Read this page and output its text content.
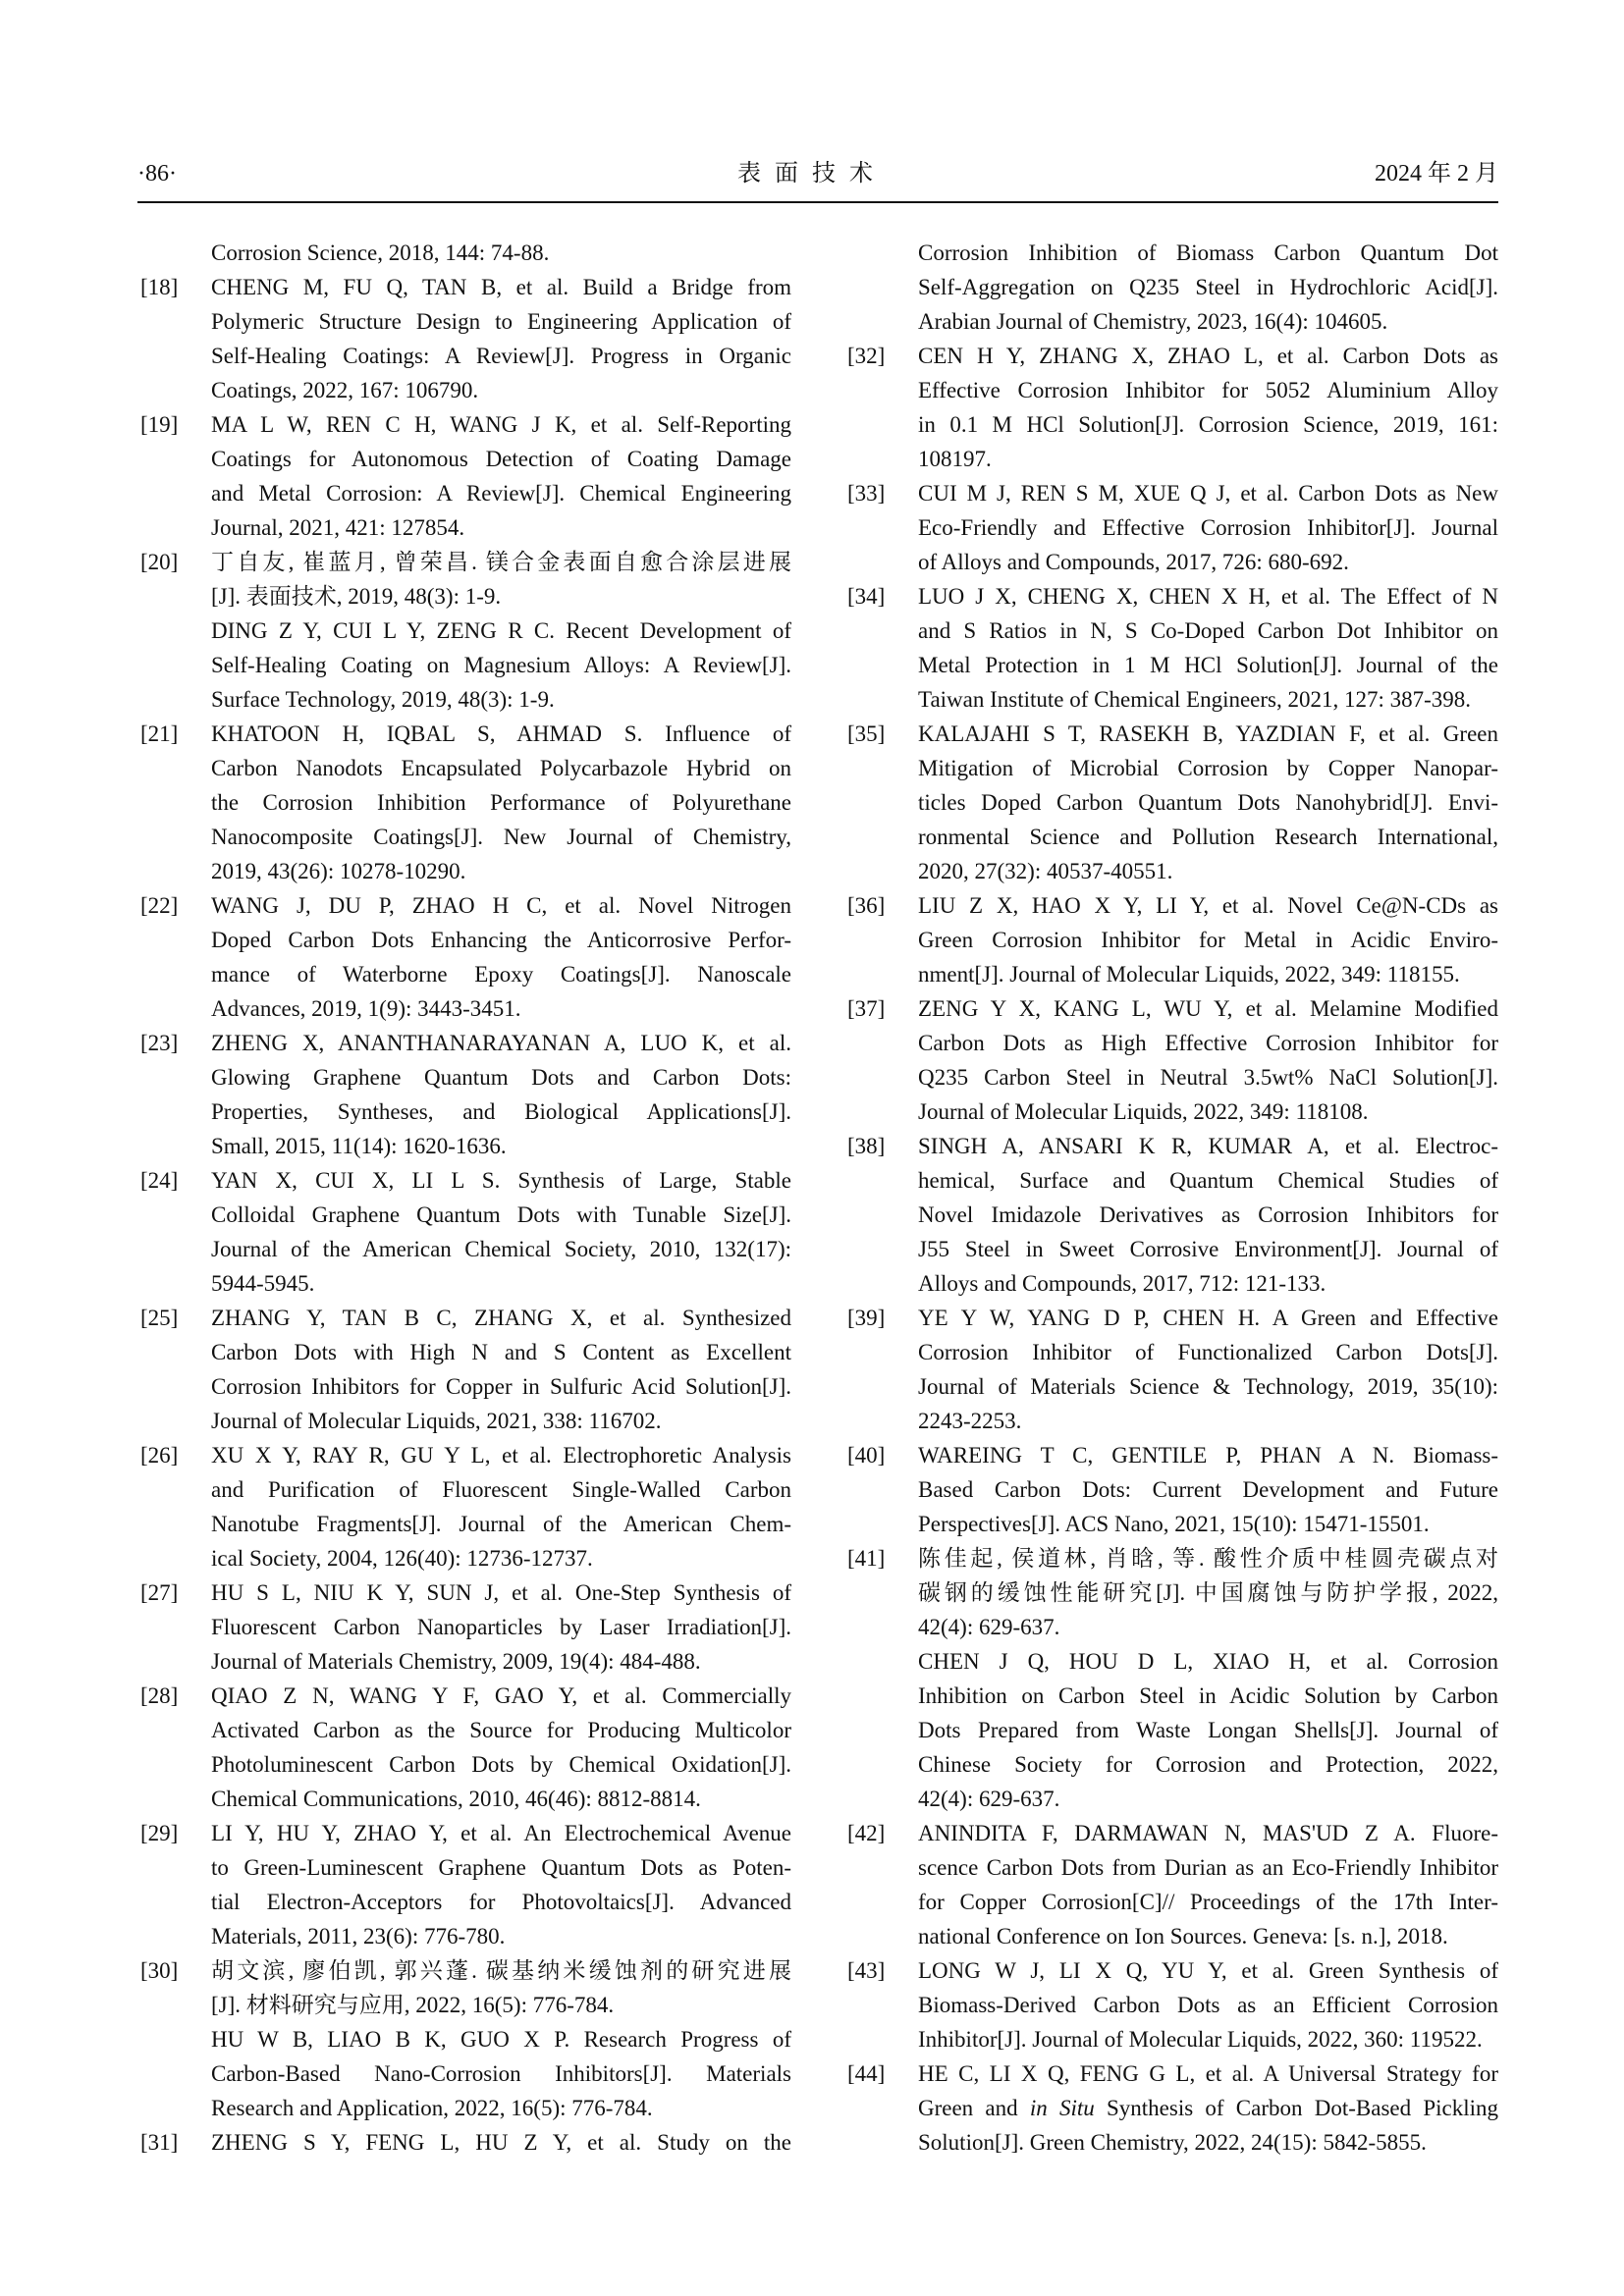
·86·	表面技术	2024 年 2 月
Corrosion Science, 2018, 144: 74-88.
[18] CHENG M, FU Q, TAN B, et al. Build a Bridge from
Polymeric Structure Design to Engineering Application of
Self-Healing Coatings: A Review[J]. Progress in Organic
Coatings, 2022, 167: 106790.
[19] MA L W, REN C H, WANG J K, et al. Self-Reporting
Coatings for Autonomous Detection of Coating Damage
and Metal Corrosion: A Review[J]. Chemical Engineering
Journal, 2021, 421: 127854.
[20] 丁自友, 崔蓝月, 曾荣昌. 镁合金表面自愈合涂层进展
[J]. 表面技术, 2019, 48(3): 1-9.
DING Z Y, CUI L Y, ZENG R C. Recent Development of
Self-Healing Coating on Magnesium Alloys: A Review[J].
Surface Technology, 2019, 48(3): 1-9.
[21] KHATOON H, IQBAL S, AHMAD S. Influence of
Carbon Nanodots Encapsulated Polycarbazole Hybrid on
the Corrosion Inhibition Performance of Polyurethane
Nanocomposite Coatings[J]. New Journal of Chemistry,
2019, 43(26): 10278-10290.
[22] WANG J, DU P, ZHAO H C, et al. Novel Nitrogen
Doped Carbon Dots Enhancing the Anticorrosive Perfor-
mance of Waterborne Epoxy Coatings[J]. Nanoscale
Advances, 2019, 1(9): 3443-3451.
[23] ZHENG X, ANANTHANARAYANAN A, LUO K, et al.
Glowing Graphene Quantum Dots and Carbon Dots:
Properties, Syntheses, and Biological Applications[J].
Small, 2015, 11(14): 1620-1636.
[24] YAN X, CUI X, LI L S. Synthesis of Large, Stable
Colloidal Graphene Quantum Dots with Tunable Size[J].
Journal of the American Chemical Society, 2010, 132(17):
5944-5945.
[25] ZHANG Y, TAN B C, ZHANG X, et al. Synthesized
Carbon Dots with High N and S Content as Excellent
Corrosion Inhibitors for Copper in Sulfuric Acid Solution[J].
Journal of Molecular Liquids, 2021, 338: 116702.
[26] XU X Y, RAY R, GU Y L, et al. Electrophoretic Analysis
and Purification of Fluorescent Single-Walled Carbon
Nanotube Fragments[J]. Journal of the American Chem-
ical Society, 2004, 126(40): 12736-12737.
[27] HU S L, NIU K Y, SUN J, et al. One-Step Synthesis of
Fluorescent Carbon Nanoparticles by Laser Irradiation[J].
Journal of Materials Chemistry, 2009, 19(4): 484-488.
[28] QIAO Z N, WANG Y F, GAO Y, et al. Commercially
Activated Carbon as the Source for Producing Multicolor
Photoluminescent Carbon Dots by Chemical Oxidation[J].
Chemical Communications, 2010, 46(46): 8812-8814.
[29] LI Y, HU Y, ZHAO Y, et al. An Electrochemical Avenue
to Green-Luminescent Graphene Quantum Dots as Poten-
tial Electron-Acceptors for Photovoltaics[J]. Advanced
Materials, 2011, 23(6): 776-780.
[30] 胡文滨, 廖伯凯, 郭兴蓬. 碳基纳米缓蚀剂的研究进展
[J]. 材料研究与应用, 2022, 16(5): 776-784.
HU W B, LIAO B K, GUO X P. Research Progress of
Carbon-Based Nano-Corrosion Inhibitors[J]. Materials
Research and Application, 2022, 16(5): 776-784.
[31] ZHENG S Y, FENG L, HU Z Y, et al. Study on the
Corrosion Inhibition of Biomass Carbon Quantum Dot
Self-Aggregation on Q235 Steel in Hydrochloric Acid[J].
Arabian Journal of Chemistry, 2023, 16(4): 104605.
[32] CEN H Y, ZHANG X, ZHAO L, et al. Carbon Dots as
Effective Corrosion Inhibitor for 5052 Aluminium Alloy
in 0.1 M HCl Solution[J]. Corrosion Science, 2019, 161:
108197.
[33] CUI M J, REN S M, XUE Q J, et al. Carbon Dots as New
Eco-Friendly and Effective Corrosion Inhibitor[J]. Journal
of Alloys and Compounds, 2017, 726: 680-692.
[34] LUO J X, CHENG X, CHEN X H, et al. The Effect of N
and S Ratios in N, S Co-Doped Carbon Dot Inhibitor on
Metal Protection in 1 M HCl Solution[J]. Journal of the
Taiwan Institute of Chemical Engineers, 2021, 127: 387-398.
[35] KALAJAHI S T, RASEKH B, YAZDIAN F, et al. Green
Mitigation of Microbial Corrosion by Copper Nanopar-
ticles Doped Carbon Quantum Dots Nanohybrid[J]. Envi-
ronmental Science and Pollution Research International,
2020, 27(32): 40537-40551.
[36] LIU Z X, HAO X Y, LI Y, et al. Novel Ce@N-CDs as
Green Corrosion Inhibitor for Metal in Acidic Enviro-
nment[J]. Journal of Molecular Liquids, 2022, 349: 118155.
[37] ZENG Y X, KANG L, WU Y, et al. Melamine Modified
Carbon Dots as High Effective Corrosion Inhibitor for
Q235 Carbon Steel in Neutral 3.5wt% NaCl Solution[J].
Journal of Molecular Liquids, 2022, 349: 118108.
[38] SINGH A, ANSARI K R, KUMAR A, et al. Electroc-
hemical, Surface and Quantum Chemical Studies of
Novel Imidazole Derivatives as Corrosion Inhibitors for
J55 Steel in Sweet Corrosive Environment[J]. Journal of
Alloys and Compounds, 2017, 712: 121-133.
[39] YE Y W, YANG D P, CHEN H. A Green and Effective
Corrosion Inhibitor of Functionalized Carbon Dots[J].
Journal of Materials Science & Technology, 2019, 35(10):
2243-2253.
[40] WAREING T C, GENTILE P, PHAN A N. Biomass-
Based Carbon Dots: Current Development and Future
Perspectives[J]. ACS Nano, 2021, 15(10): 15471-15501.
[41] 陈佳起, 侯道林, 肖晗, 等. 酸性介质中桂圆壳碳点对
碳钢的缓蚀性能研究[J]. 中国腐蚀与防护学报, 2022,
42(4): 629-637.
CHEN J Q, HOU D L, XIAO H, et al. Corrosion
Inhibition on Carbon Steel in Acidic Solution by Carbon
Dots Prepared from Waste Longan Shells[J]. Journal of
Chinese Society for Corrosion and Protection, 2022,
42(4): 629-637.
[42] ANINDITA F, DARMAWAN N, MAS'UD Z A. Fluore-
scence Carbon Dots from Durian as an Eco-Friendly Inhibitor
for Copper Corrosion[C]// Proceedings of the 17th Inter-
national Conference on Ion Sources. Geneva: [s. n.], 2018.
[43] LONG W J, LI X Q, YU Y, et al. Green Synthesis of
Biomass-Derived Carbon Dots as an Efficient Corrosion
Inhibitor[J]. Journal of Molecular Liquids, 2022, 360: 119522.
[44] HE C, LI X Q, FENG G L, et al. A Universal Strategy for
Green and in Situ Synthesis of Carbon Dot-Based Pickling
Solution[J]. Green Chemistry, 2022, 24(15): 5842-5855.
